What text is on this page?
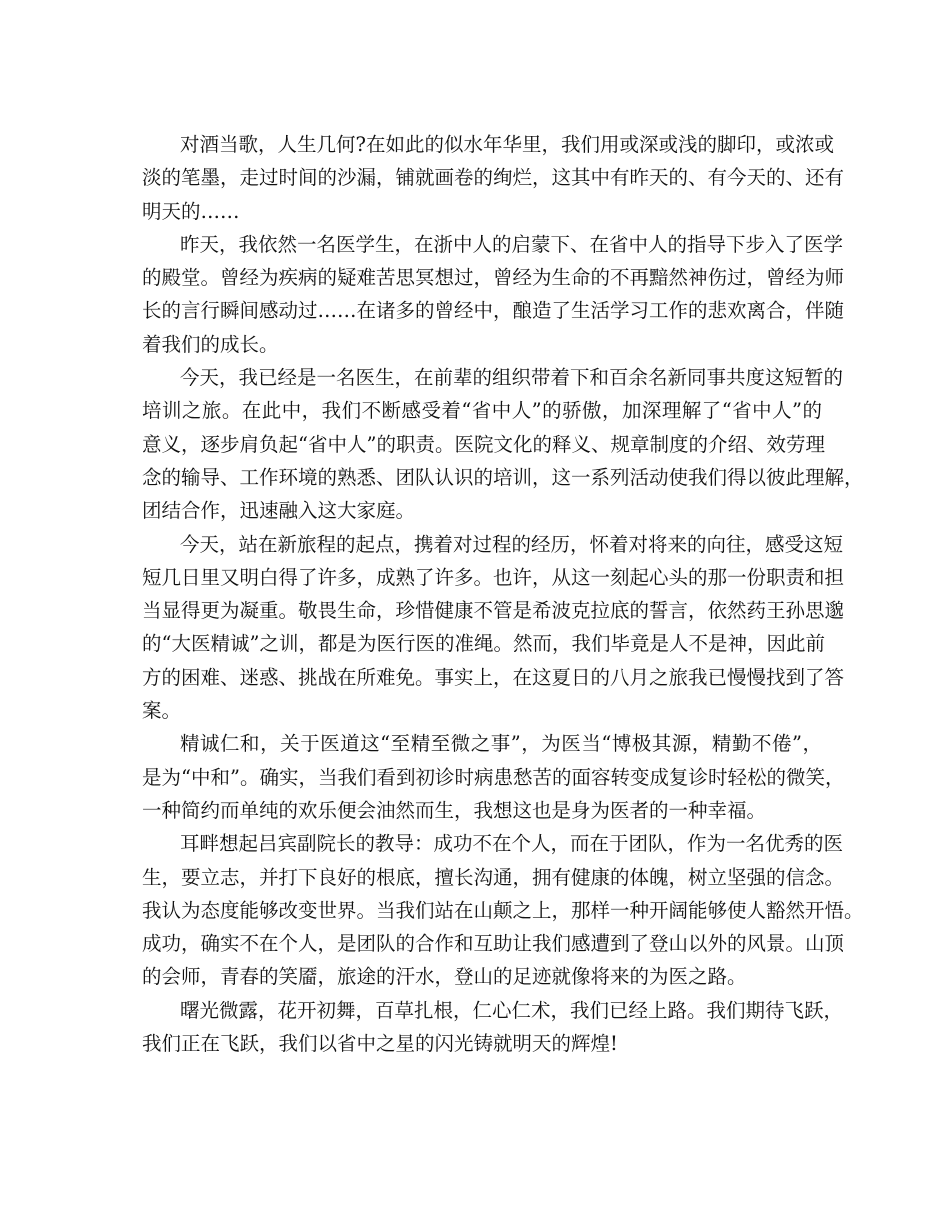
对酒当歌，人生几何?在如此的似水年华里，我们用或深或浅的脚印，或浓或
淡的笔墨，走过时间的沙漏，铺就画卷的绚烂，这其中有昨天的、有今天的、还有
明天的……
昨天，我依然一名医学生，在浙中人的启蒙下、在省中人的指导下步入了医学
的殿堂。曾经为疾病的疑难苦思冥想过，曾经为生命的不再黯然神伤过，曾经为师
长的言行瞬间感动过……在诸多的曾经中，酿造了生活学习工作的悲欢离合，伴随
着我们的成长。
今天，我已经是一名医生，在前辈的组织带着下和百余名新同事共度这短暂的
培训之旅。在此中，我们不断感受着“省中人”的骄傲，加深理解了“省中人”的
意义，逐步肩负起“省中人”的职责。医院文化的释义、规章制度的介绍、效劳理
念的输导、工作环境的熟悉、团队认识的培训，这一系列活动使我们得以彼此理解，
团结合作，迅速融入这大家庭。
今天，站在新旅程的起点，携着对过程的经历，怀着对将来的向往，感受这短
短几日里又明白得了许多，成熟了许多。也许，从这一刻起心头的那一份职责和担
当显得更为凝重。敬畏生命，珍惜健康不管是希波克拉底的誓言，依然药王孙思邈
的“大医精诚”之训，都是为医行医的准绳。然而，我们毕竟是人不是神，因此前
方的困难、迷惑、挑战在所难免。事实上，在这夏日的八月之旅我已慢慢找到了答
案。
精诚仁和，关于医道这“至精至微之事”，为医当“博极其源，精勤不倦”，
是为“中和”。确实，当我们看到初诊时病患愁苦的面容转变成复诊时轻松的微笑，
一种简约而单纯的欢乐便会油然而生，我想这也是身为医者的一种幸福。
耳畔想起吕宾副院长的教导：成功不在个人，而在于团队，作为一名优秀的医
生，要立志，并打下良好的根底，擅长沟通，拥有健康的体魄，树立坚强的信念。
我认为态度能够改变世界。当我们站在山颠之上，那样一种开阔能够使人豁然开悟。
成功，确实不在个人，是团队的合作和互助让我们感遭到了登山以外的风景。山顶
的会师，青春的笑靥，旅途的汗水，登山的足迹就像将来的为医之路。
曙光微露，花开初舞，百草扎根，仁心仁术，我们已经上路。我们期待飞跃，
我们正在飞跃，我们以省中之星的闪光铸就明天的辉煌!
